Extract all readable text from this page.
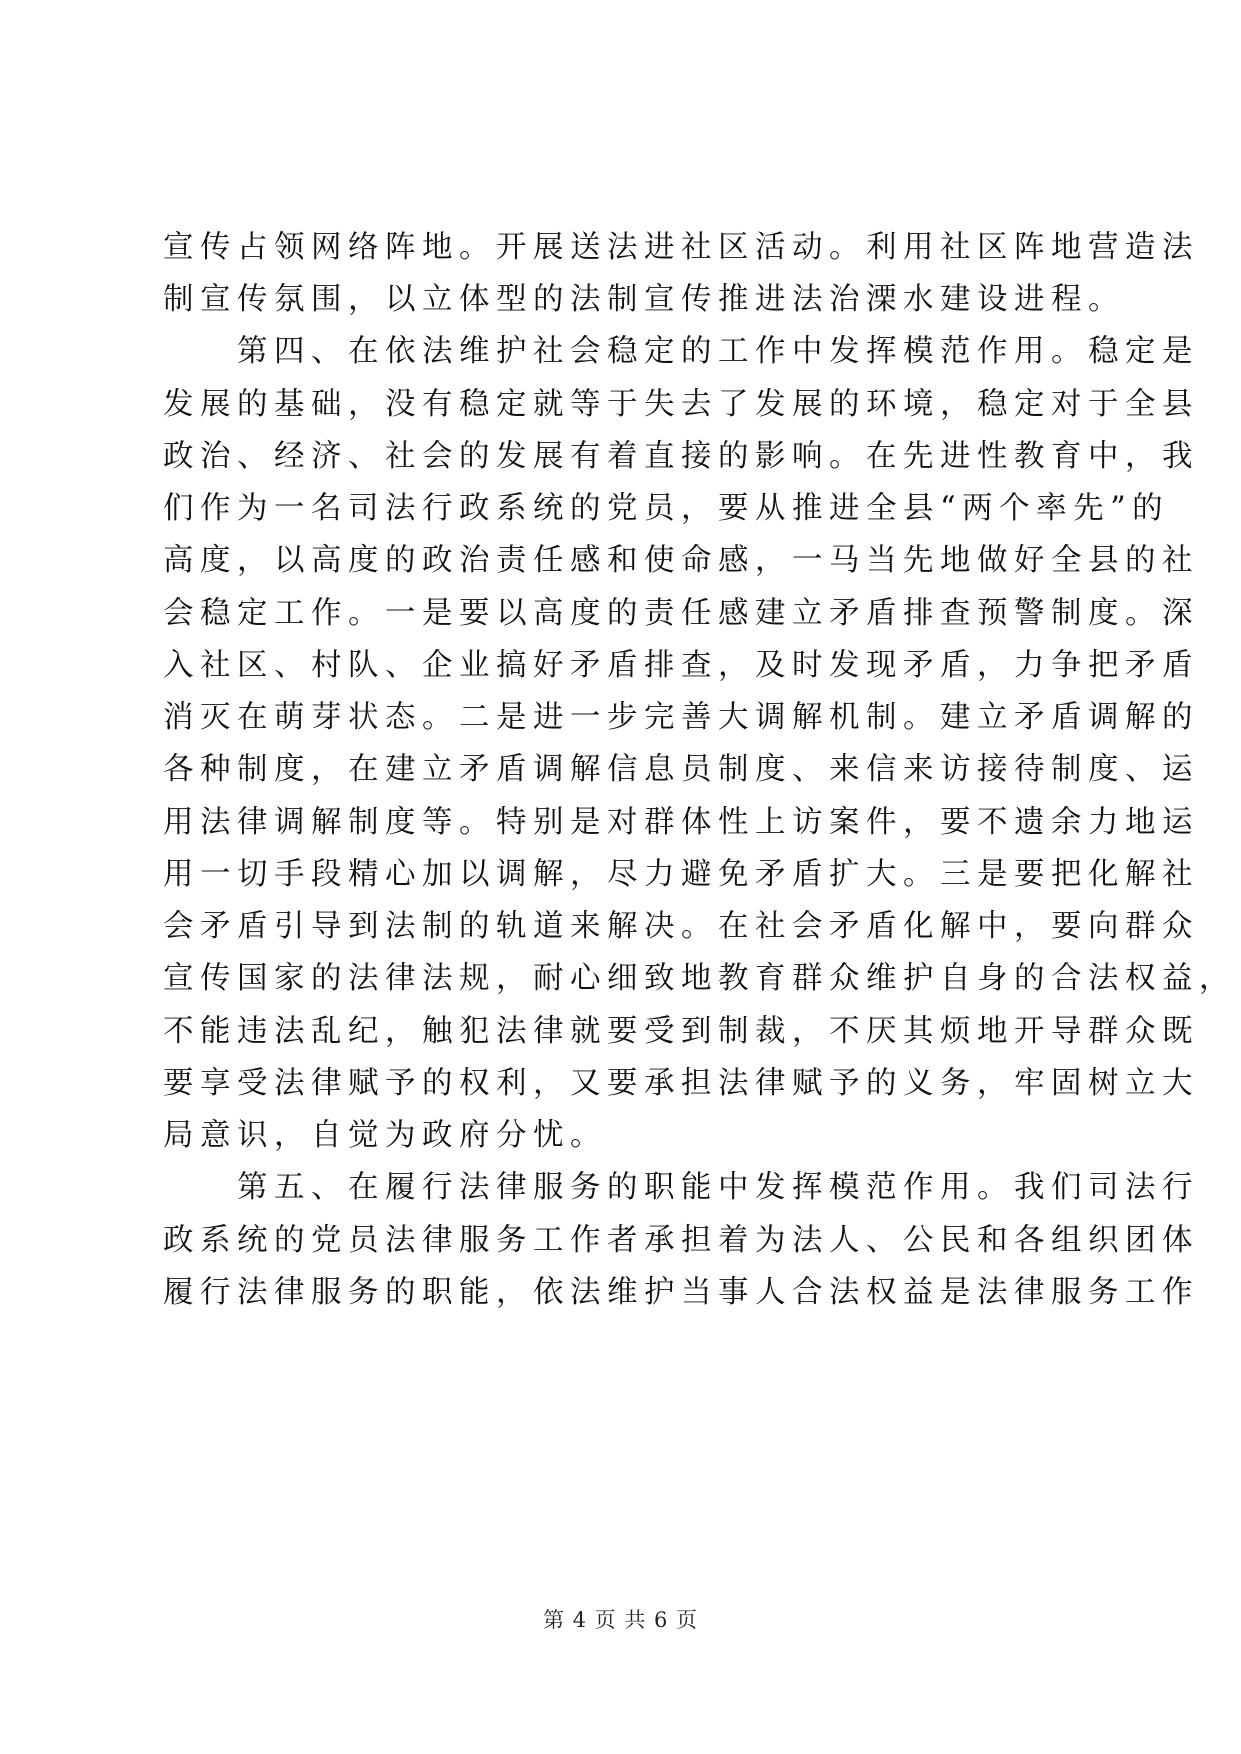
宣传占领网络阵地。开展送法进社区活动。利用社区阵地营造法
制宣传氛围，以立体型的法制宣传推进法治溧水建设进程。
　　第四、在依法维护社会稳定的工作中发挥模范作用。稳定是
发展的基础，没有稳定就等于失去了发展的环境，稳定对于全县
政治、经济、社会的发展有着直接的影响。在先进性教育中，我
们作为一名司法行政系统的党员，要从推进全县“两个率先”的
高度，以高度的政治责任感和使命感，一马当先地做好全县的社
会稳定工作。一是要以高度的责任感建立矛盾排查预警制度。深
入社区、村队、企业搞好矛盾排查，及时发现矛盾，力争把矛盾
消灭在萌芽状态。二是进一步完善大调解机制。建立矛盾调解的
各种制度，在建立矛盾调解信息员制度、来信来访接待制度、运
用法律调解制度等。特别是对群体性上访案件，要不遗余力地运
用一切手段精心加以调解，尽力避免矛盾扩大。三是要把化解社
会矛盾引导到法制的轨道来解决。在社会矛盾化解中，要向群众
宣传国家的法律法规，耐心细致地教育群众维护自身的合法权益，
不能违法乱纪，触犯法律就要受到制裁，不厌其烦地开导群众既
要享受法律赋予的权利，又要承担法律赋予的义务，牢固树立大
局意识，自觉为政府分忧。
　　第五、在履行法律服务的职能中发挥模范作用。我们司法行
政系统的党员法律服务工作者承担着为法人、公民和各组织团体
履行法律服务的职能，依法维护当事人合法权益是法律服务工作
第 4 页 共 6 页
